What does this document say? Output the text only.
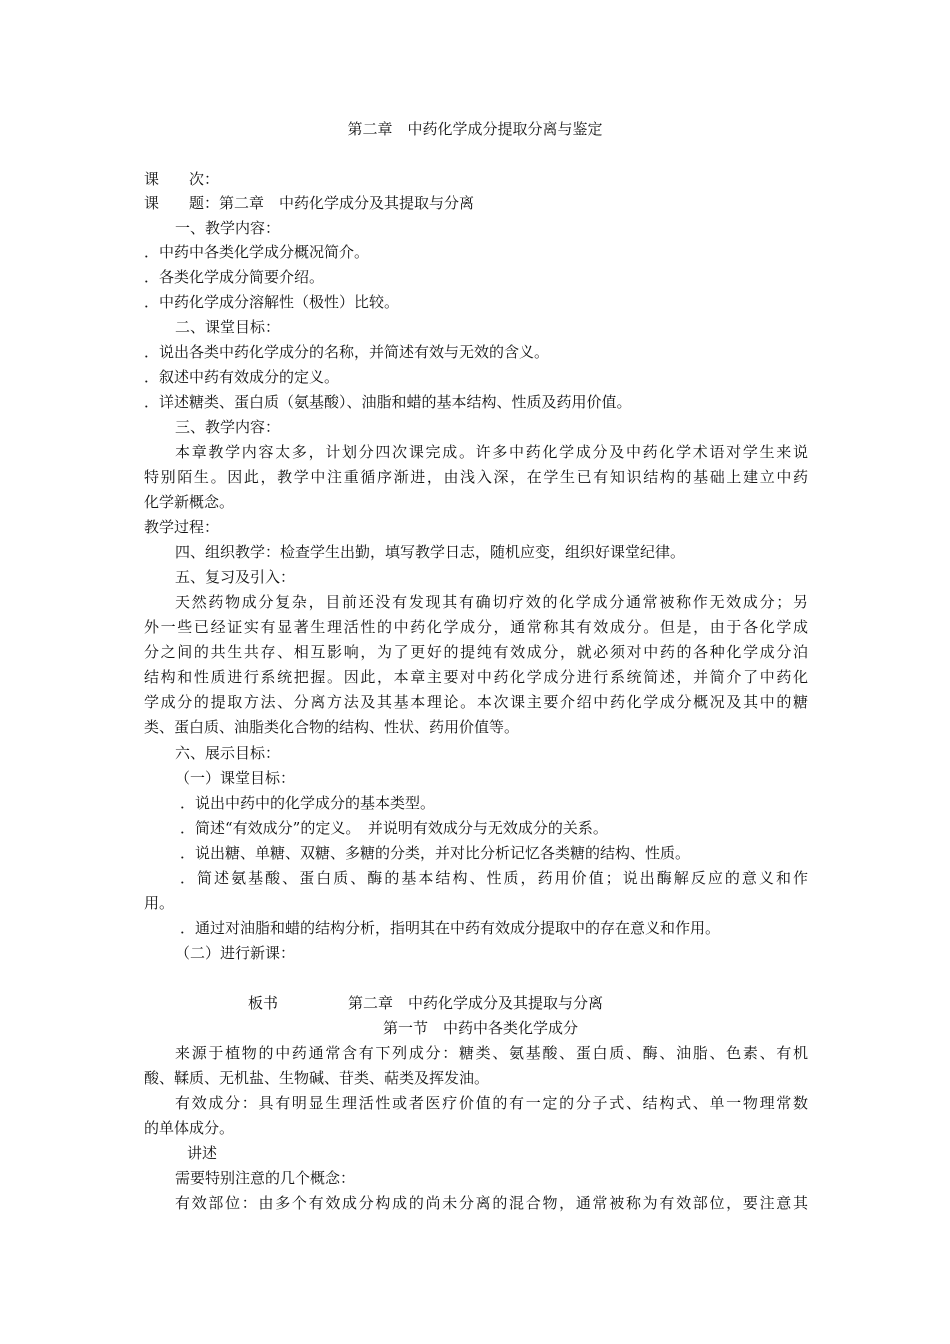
第二章　中药化学成分提取分离与鉴定
课　　次：
课　　题：第二章　中药化学成分及其提取与分离
一、教学内容：
．中药中各类化学成分概况简介。
．各类化学成分简要介绍。
．中药化学成分溶解性（极性）比较。
二、课堂目标：
．说出各类中药化学成分的名称，并简述有效与无效的含义。
．叙述中药有效成分的定义。
．详述糖类、蛋白质（氨基酸）、油脂和蜡的基本结构、性质及药用价值。
三、教学内容：
本章教学内容太多，计划分四次课完成。许多中药化学成分及中药化学术语对学生来说
特别陌生。因此，教学中注重循序渐进，由浅入深，在学生已有知识结构的基础上建立中药
化学新概念。
教学过程：
四、组织教学：检查学生出勤，填写教学日志，随机应变，组织好课堂纪律。
五、复习及引入：
天然药物成分复杂，目前还没有发现其有确切疗效的化学成分通常被称作无效成分；另
外一些已经证实有显著生理活性的中药化学成分，通常称其有效成分。但是，由于各化学成
分之间的共生共存、相互影响，为了更好的提纯有效成分，就必须对中药的各种化学成分泊
结构和性质进行系统把握。因此，本章主要对中药化学成分进行系统简述，并简介了中药化
学成分的提取方法、分离方法及其基本理论。本次课主要介绍中药化学成分概况及其中的糖
类、蛋白质、油脂类化合物的结构、性状、药用价值等。
六、展示目标：
（一）课堂目标：
．说出中药中的化学成分的基本类型。
．简述“有效成分”的定义。　并说明有效成分与无效成分的关系。
．说出糖、单糖、双糖、多糖的分类，并对比分析记忆各类糖的结构、性质。
．简述氨基酸、蛋白质、酶的基本结构、性质，药用价值；说出酶解反应的意义和作
用。
．通过对油脂和蜡的结构分析，指明其在中药有效成分提取中的存在意义和作用。
（二）进行新课：
板书	第二章　中药化学成分及其提取与分离
第一节　中药中各类化学成分
来源于植物的中药通常含有下列成分：糖类、氨基酸、蛋白质、酶、油脂、色素、有机
酸、鞣质、无机盐、生物碱、苷类、萜类及挥发油。
有效成分：具有明显生理活性或者医疗价值的有一定的分子式、结构式、单一物理常数
的单体成分。
讲述
需要特别注意的几个概念：
有效部位：由多个有效成分构成的尚未分离的混合物，通常被称为有效部位，要注意其
